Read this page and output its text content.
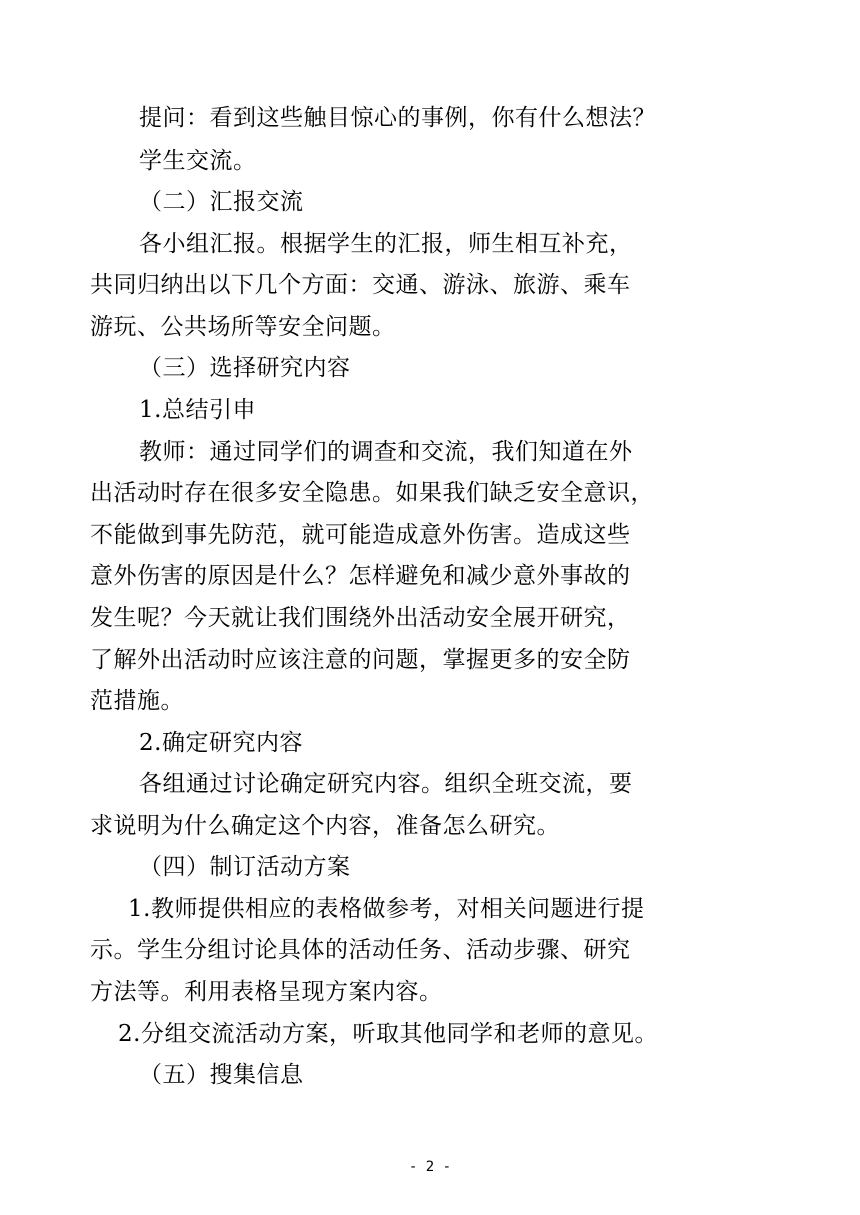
提问：看到这些触目惊心的事例，你有什么想法？
学生交流。
（二）汇报交流
各小组汇报。根据学生的汇报，师生相互补充，
共同归纳出以下几个方面：交通、游泳、旅游、乘车
游玩、公共场所等安全问题。
（三）选择研究内容
1.总结引申
教师：通过同学们的调查和交流，我们知道在外
出活动时存在很多安全隐患。如果我们缺乏安全意识，
不能做到事先防范，就可能造成意外伤害。造成这些
意外伤害的原因是什么？怎样避免和减少意外事故的
发生呢？今天就让我们围绕外出活动安全展开研究，
了解外出活动时应该注意的问题，掌握更多的安全防
范措施。
2.确定研究内容
各组通过讨论确定研究内容。组织全班交流，要
求说明为什么确定这个内容，准备怎么研究。
（四）制订活动方案
1.教师提供相应的表格做参考，对相关问题进行提
示。学生分组讨论具体的活动任务、活动步骤、研究
方法等。利用表格呈现方案内容。
2.分组交流活动方案，听取其他同学和老师的意见。
（五）搜集信息
- 2 -
